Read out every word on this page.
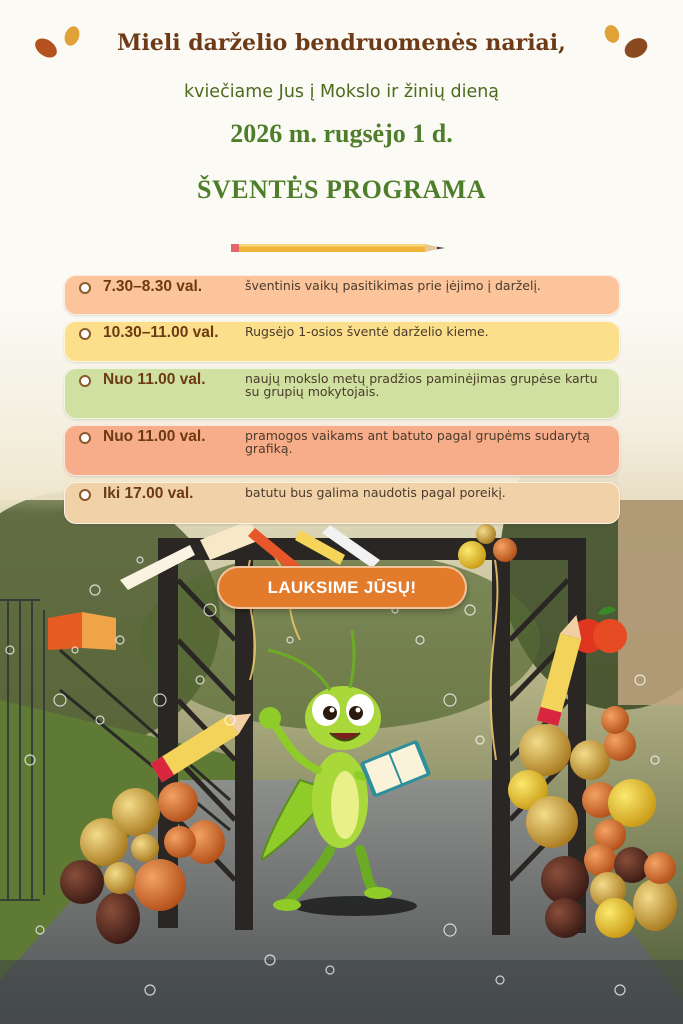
Mieli darželio bendruomenės nariai,

kviečiame Jus į Mokslo ir žinių dieną

2026 m. rugsėjo 1 d.

ŠVENTĖS PROGRAMA
7.30–8.30 val.	šventinis vaikų pasitikimas prie įėjimo į darželį.
10.30–11.00 val. Rugsėjo 1-osios šventė darželio kieme.
Nuo 11.00 val.	naujų mokslo metų pradžios paminėjimas grupėse kartu su grupių mokytojais.
Nuo 11.00 val.	pramogos vaikams ant batuto pagal grupėms sudarytą grafiką.
Iki 17.00 val.	batutu bus galima naudotis pagal poreikį.
LAUKSIME JŪSŲ!
